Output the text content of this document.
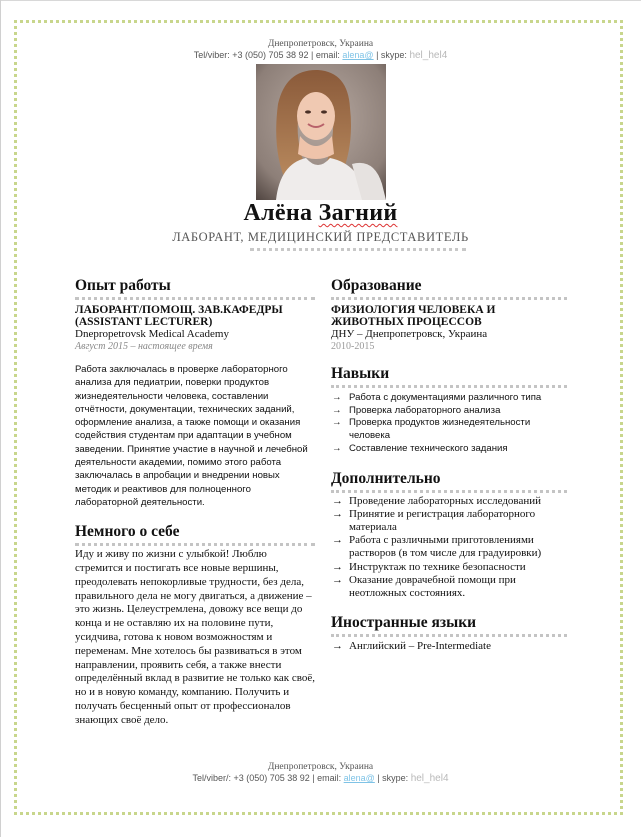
Днепропетровск, Украина
Tel/viber: +3 (050) 705 38 92 | email: alena@ | skype: hel_hel4
Алёна Загний
ЛАБОРАНТ, МЕДИЦИНСКИЙ ПРЕДСТАВИТЕЛЬ
Опыт работы
ЛАБОРАНТ/ПОМОЩ. ЗАВ.КАФЕДРЫ (ASSISTANT LECTURER)
Dnepropetrovsk Medical Academy
Август 2015 – настоящее время
Работа заключалась в проверке лабораторного анализа для педиатрии, поверки продуктов жизнедеятельности человека, составлении отчётности, документации, технических заданий, оформление анализа, а также помощи и оказания содействия студентам при адаптации в учебном заведении. Принятие участие в научной и лечебной деятельности академии, помимо этого работа заключалась в апробации и внедрении новых методик и реактивов для полноценного лабораторной деятельности.
Немного о себе
Иду и живу по жизни с улыбкой! Люблю стремится и постигать все новые вершины, преодолевать непокорливые трудности, без дела, правильного дела не могу двигаться, а движение – это жизнь. Целеустремлена, довожу все вещи до конца и не оставляю их на половине пути, усидчива, готова к новом возможностям и переменам. Мне хотелось бы развиваться в этом направлении, проявить себя, а также внести определённый вклад в развитие не только как своё, но и в новую команду, компанию. Получить и получать бесценный опыт от профессионалов знающих своё дело.
Образование
ФИЗИОЛОГИЯ ЧЕЛОВЕКА И ЖИВОТНЫХ ПРОЦЕССОВ
ДНУ – Днепропетровск, Украина
2010-2015
Навыки
→ Работа с документациями различного типа
→ Проверка лабораторного анализа
→ Проверка продуктов жизнедеятельности человека
→ Составление технического задания
Дополнительно
→ Проведение лабораторных исследований
→ Принятие и регистрация лабораторного материала
→ Работа с различными приготовлениями растворов (в том числе для градуировки)
→ Инструктаж по технике безопасности
→ Оказание доврачебной помощи при неотложных состояниях.
Иностранные языки
→ Английский – Pre-Intermediate
Днепропетровск, Украина
Tel/viber/: +3 (050) 705 38 92 | email: alena@ | skype: hel_hel4
